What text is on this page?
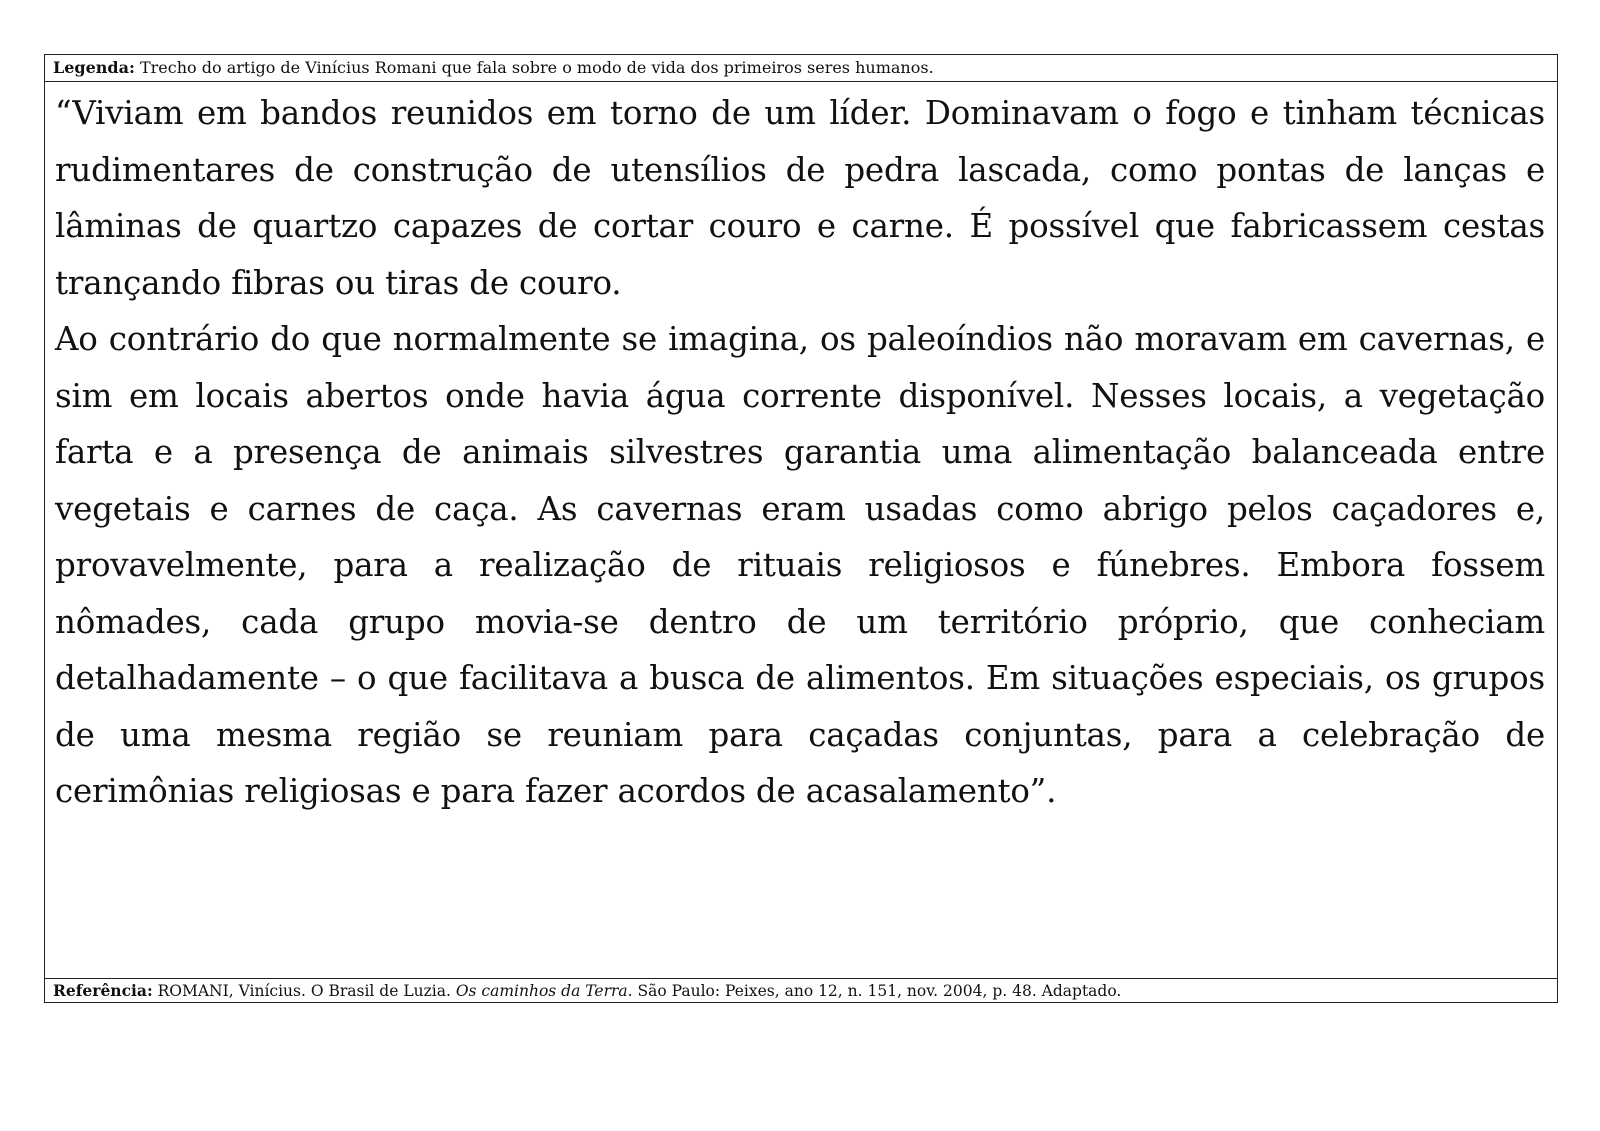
Legenda: Trecho do artigo de Vinícius Romani que fala sobre o modo de vida dos primeiros seres humanos.

“Viviam em bandos reunidos em torno de um líder. Dominavam o fogo e tinham técnicas rudimentares de construção de utensílios de pedra lascada, como pontas de lanças e lâminas de quartzo capazes de cortar couro e carne. É possível que fabricassem cestas trançando fibras ou tiras de couro.

Ao contrário do que normalmente se imagina, os paleoíndios não moravam em cavernas, e sim em locais abertos onde havia água corrente disponível. Nesses locais, a vegetação farta e a presença de animais silvestres garantia uma alimentação balanceada entre vegetais e carnes de caça. As cavernas eram usadas como abrigo pelos caçadores e, provavelmente, para a realização de rituais religiosos e fúnebres. Embora fossem nômades, cada grupo movia-se dentro de um território próprio, que conheciam detalhadamente – o que facilitava a busca de alimentos. Em situações especiais, os grupos de uma mesma região se reuniam para caçadas conjuntas, para a celebração de cerimônias religiosas e para fazer acordos de acasalamento”.

Referência: ROMANI, Vinícius. O Brasil de Luzia. Os caminhos da Terra. São Paulo: Peixes, ano 12, n. 151, nov. 2004, p. 48. Adaptado.
